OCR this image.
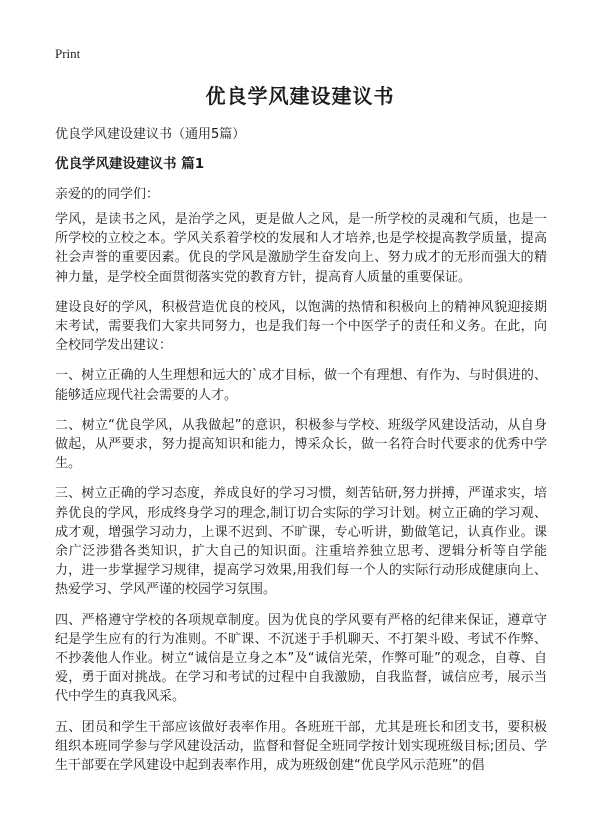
Print
优良学风建设建议书
优良学风建设建议书（通用5篇）
优良学风建设建议书 篇1
亲爱的的同学们：

学风，是读书之风，是治学之风，更是做人之风，是一所学校的灵魂和气质，也是一所学校的立校之本。学风关系着学校的发展和人才培养,也是学校提高教学质量，提高社会声誉的重要因素。优良的学风是激励学生奋发向上、努力成才的无形而强大的精神力量，是学校全面贯彻落实党的教育方针，提高育人质量的重要保证。

建设良好的学风，积极营造优良的校风，以饱满的热情和积极向上的精神风貌迎接期末考试，需要我们大家共同努力，也是我们每一个中医学子的责任和义务。在此，向全校同学发出建议：

一、树立正确的人生理想和远大的`成才目标，做一个有理想、有作为、与时俱进的、能够适应现代社会需要的人才。

二、树立“优良学风，从我做起”的意识，积极参与学校、班级学风建设活动，从自身做起，从严要求，努力提高知识和能力，博采众长，做一名符合时代要求的优秀中学生。

三、树立正确的学习态度，养成良好的学习习惯，刻苦钻研,努力拼搏，严谨求实，培养优良的学风，形成终身学习的理念,制订切合实际的学习计划。树立正确的学习观、成才观，增强学习动力，上课不迟到、不旷课，专心听讲，勤做笔记，认真作业。课余广泛涉猎各类知识，扩大自己的知识面。注重培养独立思考、逻辑分析等自学能力，进一步掌握学习规律，提高学习效果,用我们每一个人的实际行动形成健康向上、热爱学习、学风严谨的校园学习氛围。

四、严格遵守学校的各项规章制度。因为优良的学风要有严格的纪律来保证，遵章守纪是学生应有的行为准则。不旷课、不沉迷于手机聊天、不打架斗殴、考试不作弊、不抄袭他人作业。树立“诚信是立身之本”及“诚信光荣，作弊可耻”的观念，自尊、自爱，勇于面对挑战。在学习和考试的过程中自我激励，自我监督，诚信应考，展示当代中学生的真我风采。

五、团员和学生干部应该做好表率作用。各班班干部，尤其是班长和团支书，要积极组织本班同学参与学风建设活动，监督和督促全班同学按计划实现班级目标;团员、学生干部要在学风建设中起到表率作用，成为班级创建“优良学风示范班”的倡
